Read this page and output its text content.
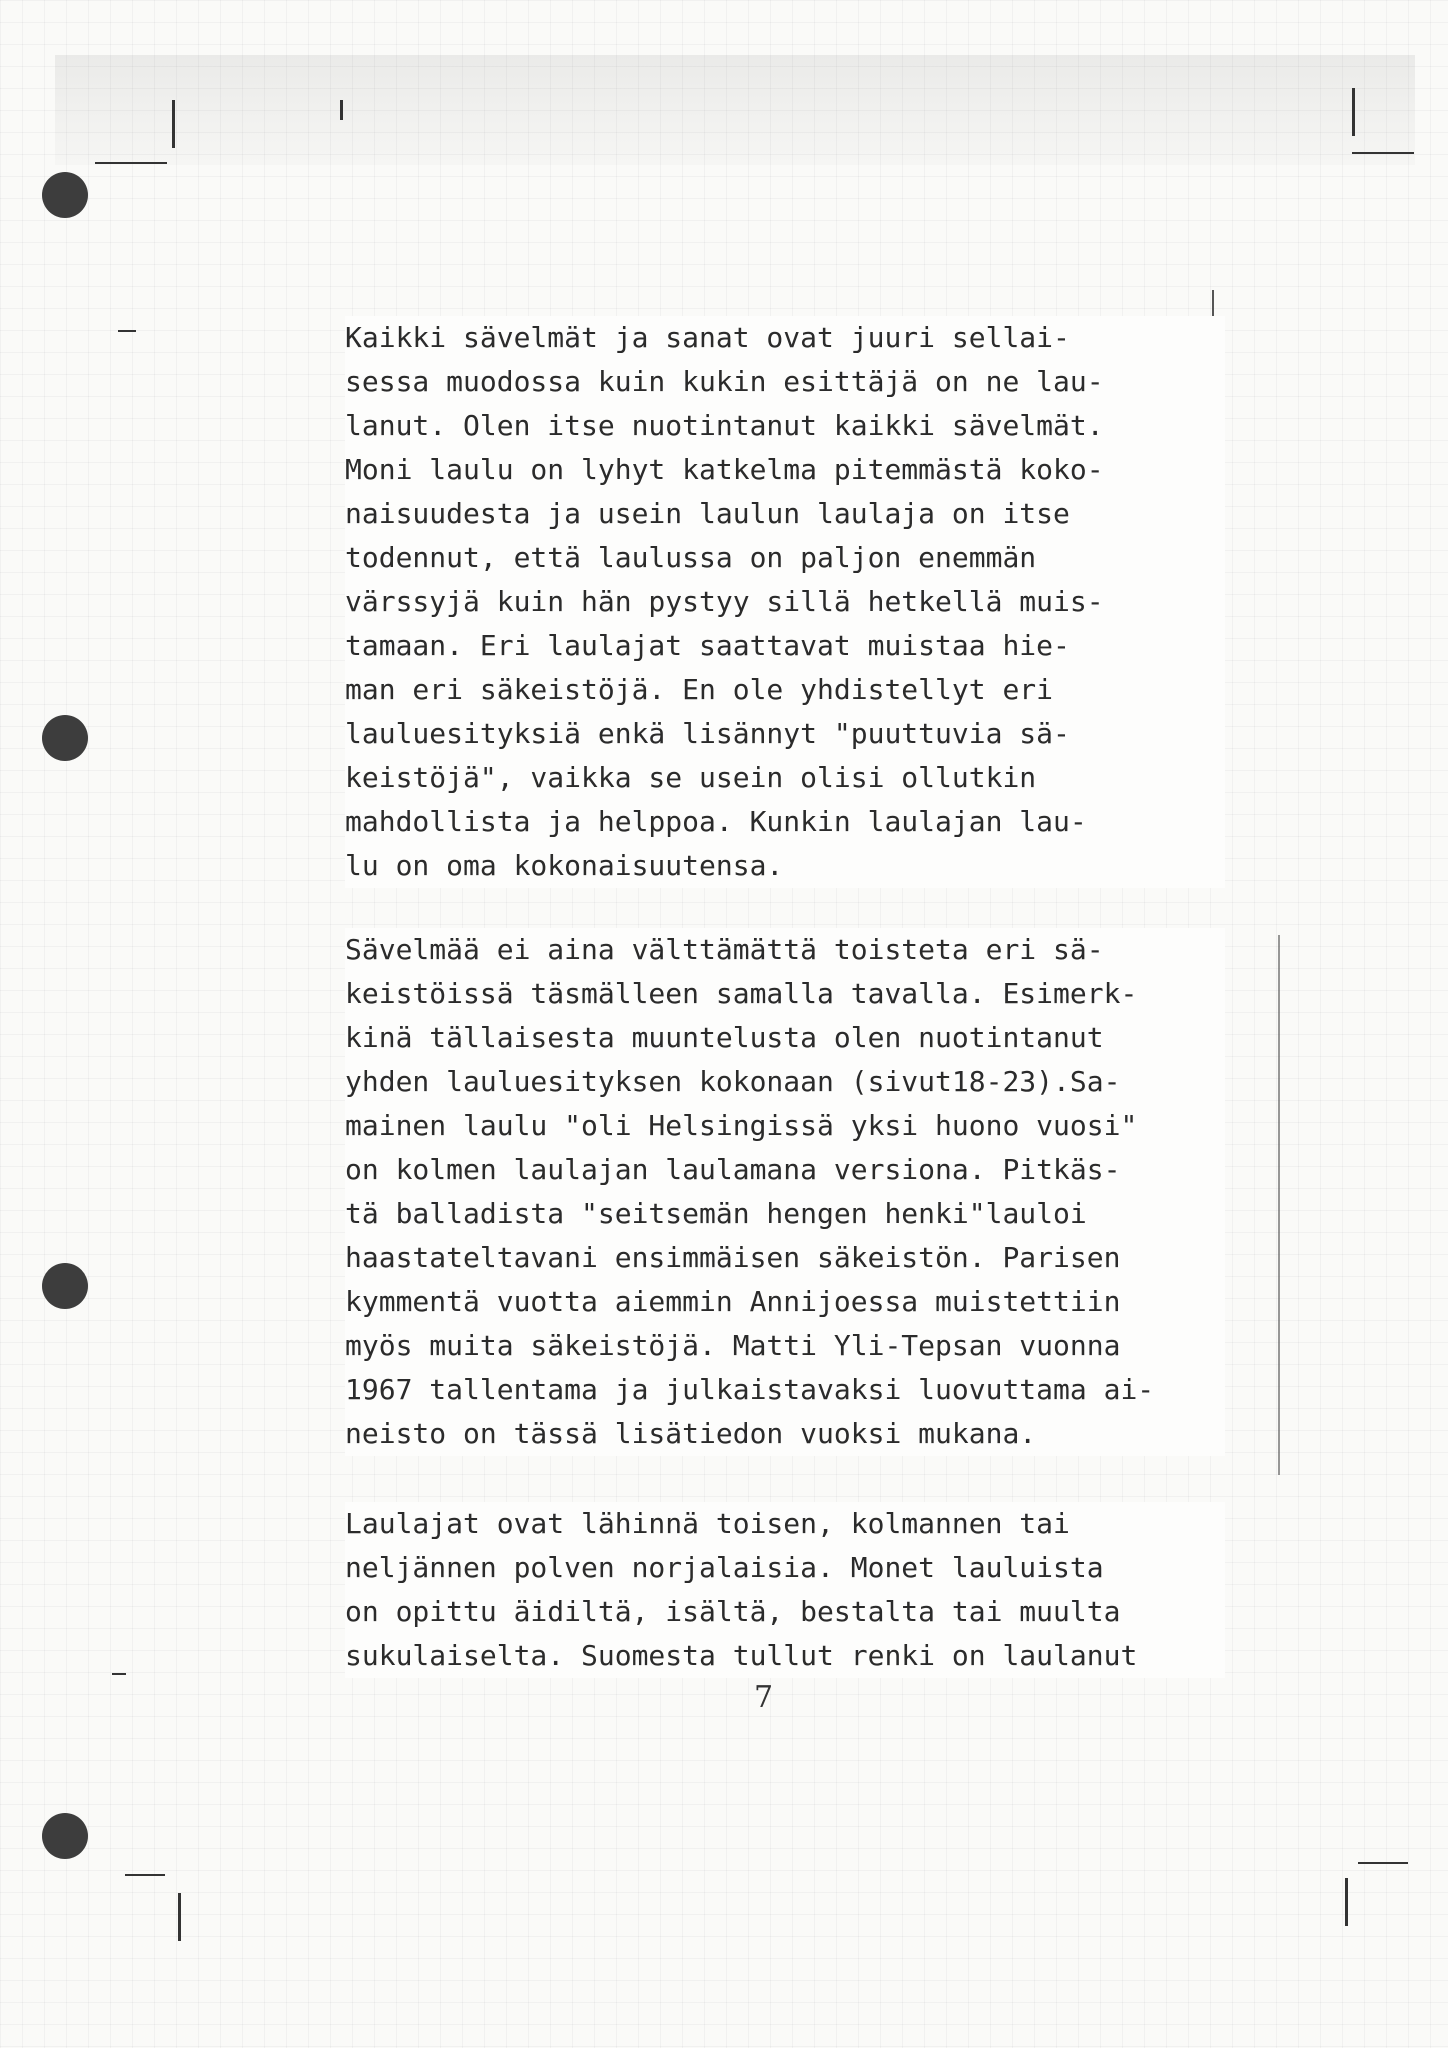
Kaikki sävelmät ja sanat ovat juuri sellai-

sessa muodossa kuin kukin esittäjä on ne lau-

lanut. Olen itse nuotintanut kaikki sävelmät.

Moni laulu on lyhyt katkelma pitemmästä koko-

naisuudesta ja usein laulun laulaja on itse

todennut, että laulussa on paljon enemmän

värssyjä kuin hän pystyy sillä hetkellä muis-

tamaan. Eri laulajat saattavat muistaa hie-

man eri säkeistöjä. En ole yhdistellyt eri

lauluesityksiä enkä lisännyt "puuttuvia sä-

keistöjä", vaikka se usein olisi ollutkin

mahdollista ja helppoa. Kunkin laulajan lau-

lu on oma kokonaisuutensa.

Sävelmää ei aina välttämättä toisteta eri sä-

keistöissä täsmälleen samalla tavalla. Esimerk-

kinä tällaisesta muuntelusta olen nuotintanut

yhden lauluesityksen kokonaan (sivut18-23).Sa-

mainen laulu "oli Helsingissä yksi huono vuosi"

on kolmen laulajan laulamana versiona. Pitkäs-

tä balladista "seitsemän hengen henki"lauloi

haastateltavani ensimmäisen säkeistön. Parisen

kymmentä vuotta aiemmin Annijoessa muistettiin

myös muita säkeistöjä. Matti Yli-Tepsan vuonna

1967 tallentama ja julkaistavaksi luovuttama ai-

neisto on tässä lisätiedon vuoksi mukana.

Laulajat ovat lähinnä toisen, kolmannen tai

neljännen polven norjalaisia. Monet lauluista

on opittu äidiltä, isältä, bestalta tai muulta

sukulaiselta. Suomesta tullut renki on laulanut

7
